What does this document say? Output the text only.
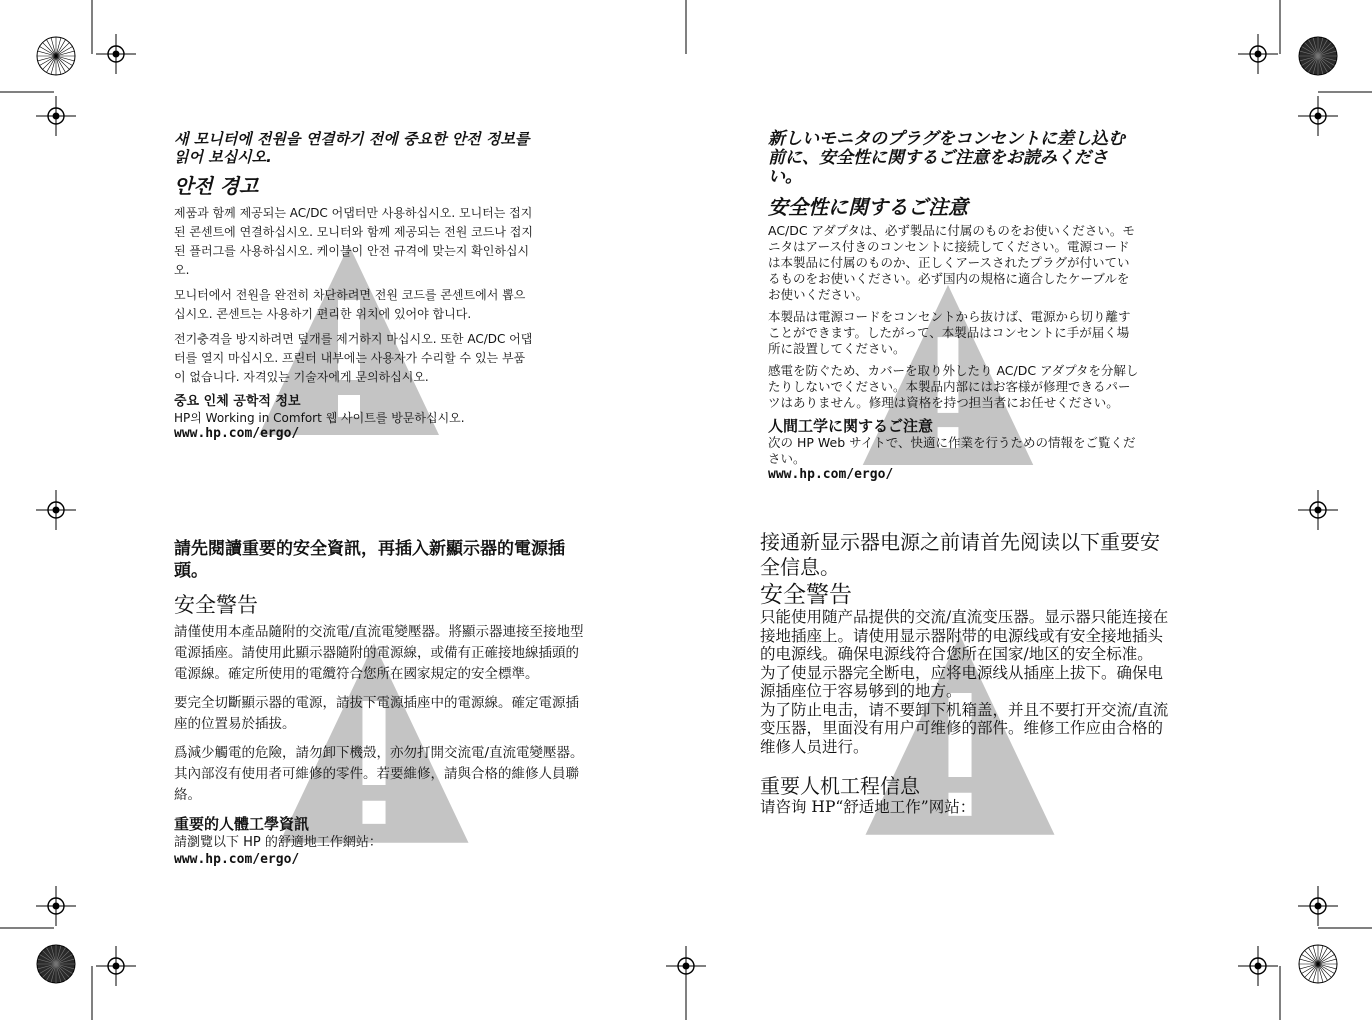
새 모니터에 전원을 연결하기 전에 중요한 안전 정보를 읽어 보십시오.

안전 경고

제품과 함께 제공되는 AC/DC 어댑터만 사용하십시오. 모니터는 접지된 콘센트에 연결하십시오. 모니터와 함께 제공되는 전원 코드나 접지된 플러그를 사용하십시오. 케이블이 안전 규격에 맞는지 확인하십시오.

모니터에서 전원을 완전히 차단하려면 전원 코드를 콘센트에서 뽑으십시오. 콘센트는 사용하기 편리한 위치에 있어야 합니다.

전기충격을 방지하려면 덮개를 제거하지 마십시오. 또한 AC/DC 어댑터를 열지 마십시오. 프린터 내부에는 사용자가 수리할 수 있는 부품이 없습니다. 자격있는 기술자에게 문의하십시오.

중요 인체 공학적 정보

HP의 Working in Comfort 웹 사이트를 방문하십시오.

www.hp.com/ergo/

新しいモニタのプラグをコンセントに差し込む前に、安全性に関するご注意をお読みください。

安全性に関するご注意

AC/DC アダプタは、必ず製品に付属のものをお使いください。モニタはアース付きのコンセントに接続してください。電源コードは本製品に付属のものか、正しくアースされたプラグが付いているものをお使いください。必ず国内の規格に適合したケーブルをお使いください。

本製品は電源コードをコンセントから抜けば、電源から切り離すことができます。したがって、本製品はコンセントに手が届く場所に設置してください。

感電を防ぐため、カバーを取り外したり AC/DC アダプタを分解したりしないでください。本製品内部にはお客様が修理できるパーツはありません。修理は資格を持つ担当者にお任せください。

人間工学に関するご注意

次の HP Web サイトで、快適に作業を行うための情報をご覧ください。

www.hp.com/ergo/

請先閱讀重要的安全資訊，再插入新顯示器的電源插頭。

安全警告

請僅使用本產品隨附的交流電/直流電變壓器。將顯示器連接至接地型電源插座。請使用此顯示器隨附的電源線，或備有正確接地線插頭的電源線。確定所使用的電纜符合您所在國家規定的安全標準。

要完全切斷顯示器的電源，請拔下電源插座中的電源線。確定電源插座的位置易於插拔。

爲減少觸電的危險，請勿卸下機殼，亦勿打開交流電/直流電變壓器。其內部沒有使用者可維修的零件。若要維修，請與合格的維修人員聯絡。

重要的人體工學資訊

請瀏覽以下 HP 的舒適地工作網站：

www.hp.com/ergo/

接通新显示器电源之前请首先阅读以下重要安全信息。

安全警告

只能使用随产品提供的交流/直流变压器。显示器只能连接在接地插座上。请使用显示器附带的电源线或有安全接地插头的电源线。确保电源线符合您所在国家/地区的安全标准。

为了使显示器完全断电，应将电源线从插座上拔下。确保电源插座位于容易够到的地方。

为了防止电击，请不要卸下机箱盖，并且不要打开交流/直流变压器，里面没有用户可维修的部件。维修工作应由合格的维修人员进行。

重要人机工程信息

请咨询 HP“舒适地工作”网站：
